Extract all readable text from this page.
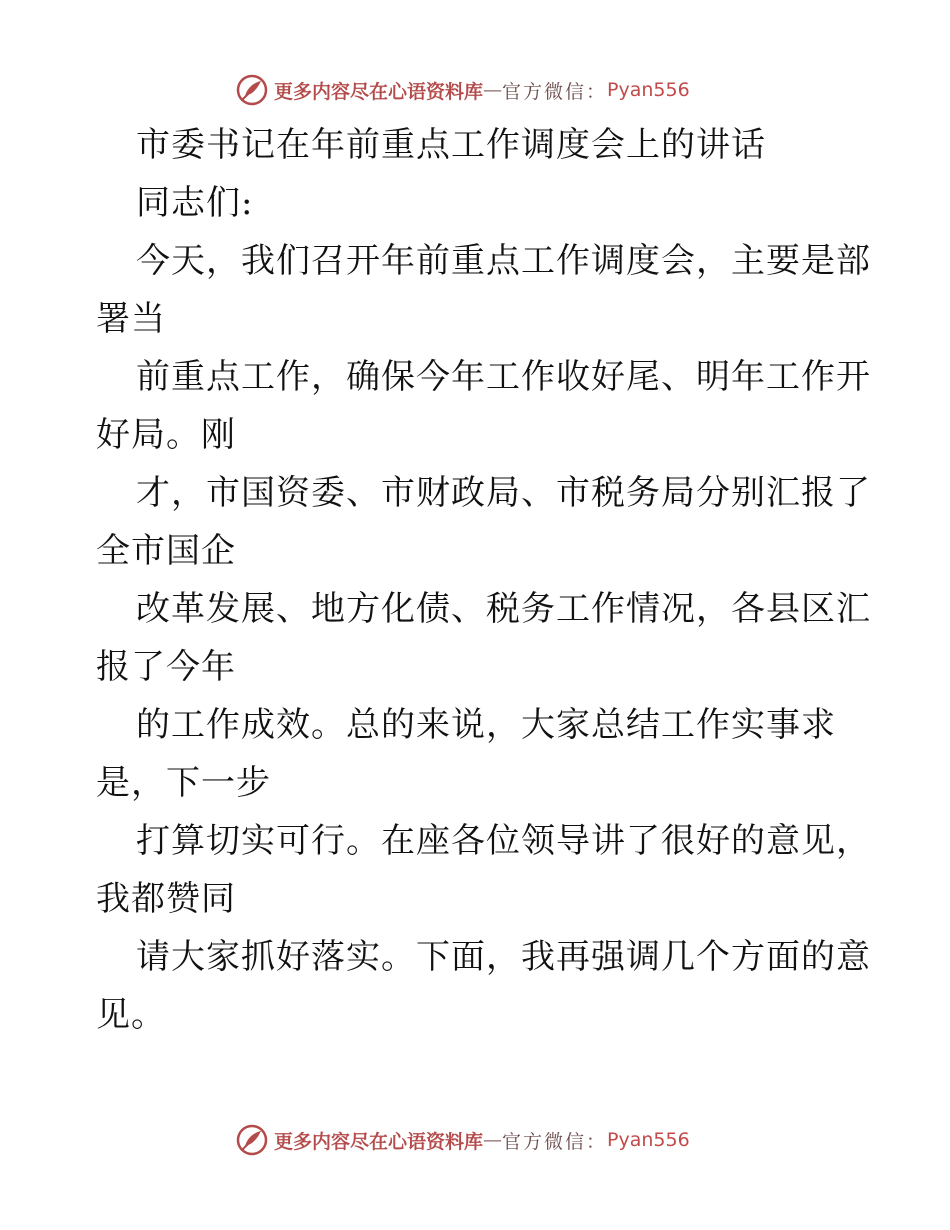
更多内容尽在心语资料库 — 官方微信： Pyan556
市委书记在年前重点工作调度会上的讲话
同志们:
今天，我们召开年前重点工作调度会，主要是部
署当
前重点工作，确保今年工作收好尾、明年工作开
好局。刚
才，市国资委、市财政局、市税务局分别汇报了
全市国企
改革发展、地方化债、税务工作情况，各县区汇
报了今年
的工作成效。总的来说，大家总结工作实事求
是，下一步
打算切实可行。在座各位领导讲了很好的意见，
我都赞同
请大家抓好落实。下面，我再强调几个方面的意
见。
更多内容尽在心语资料库 — 官方微信： Pyan556
